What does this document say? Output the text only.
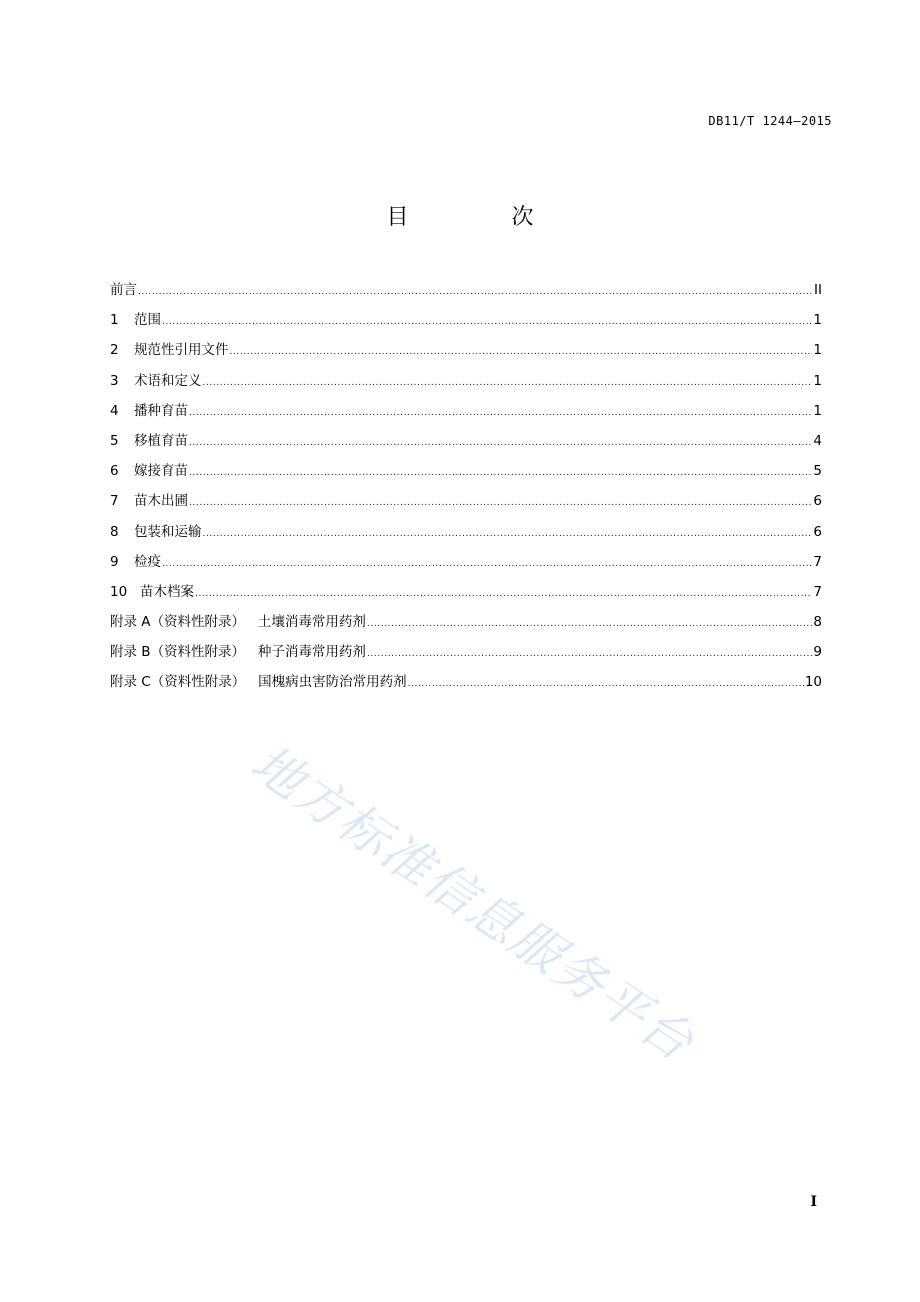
DB11/T 1244—2015
目 次
前言 .....	II
1	范围 .....	1
2	规范性引用文件 .....	1
3	术语和定义 .....	1
4	播种育苗 .....	1
5	移植育苗 .....	4
6	嫁接育苗 .....	5
7	苗木出圃 .....	6
8	包装和运输 .....	6
9	检疫 .....	7
10 苗木档案 .....	7
附录 A （资料性附录）   土壤消毒常用药剂 .....	8
附录 B （资料性附录）   种子消毒常用药剂 .....	9
附录 C （资料性附录）   国槐病虫害防治常用药剂 .....	10
地方标准信息服务平台
I
